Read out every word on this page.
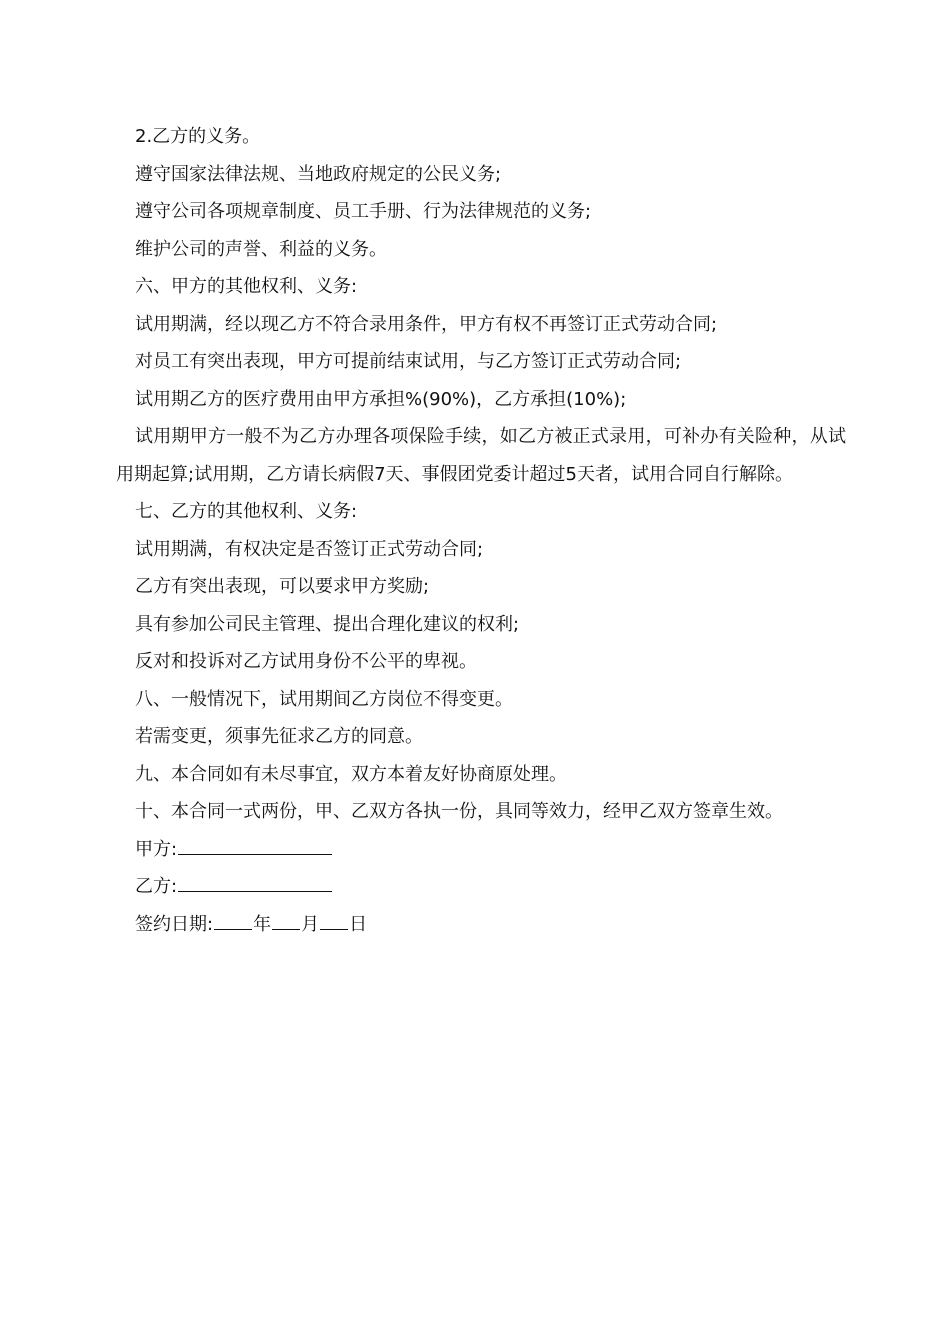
2.乙方的义务。

遵守国家法律法规、当地政府规定的公民义务;

遵守公司各项规章制度、员工手册、行为法律规范的义务;

维护公司的声誉、利益的义务。

六、甲方的其他权利、义务:

试用期满，经以现乙方不符合录用条件，甲方有权不再签订正式劳动合同;

对员工有突出表现，甲方可提前结束试用，与乙方签订正式劳动合同;

试用期乙方的医疗费用由甲方承担%(90%)，乙方承担(10%);

试用期甲方一般不为乙方办理各项保险手续，如乙方被正式录用，可补办有关险种，从试用期起算;试用期，乙方请长病假7天、事假团党委计超过5天者，试用合同自行解除。

七、乙方的其他权利、义务:

试用期满，有权决定是否签订正式劳动合同;

乙方有突出表现，可以要求甲方奖励;

具有参加公司民主管理、提出合理化建议的权利;

反对和投诉对乙方试用身份不公平的卑视。

八、一般情况下，试用期间乙方岗位不得变更。

若需变更，须事先征求乙方的同意。

九、本合同如有未尽事宜，双方本着友好协商原处理。

十、本合同一式两份，甲、乙双方各执一份，具同等效力，经甲乙双方签章生效。

甲方:

乙方:

签约日期: 年 月 日
